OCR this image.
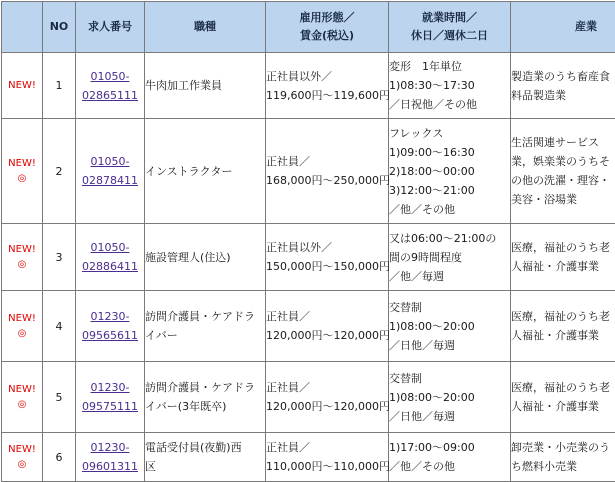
	NO	求人番号	職種	雇用形態／
賃金(税込)	就業時間／
休日／週休二日	産業

NEW!	1	01050-
02865111	牛肉加工作業員	正社員以外／
119,600円〜119,600円	変形　1年単位
1)08:30〜17:30
／日祝他／その他	製造業のうち畜産食
料品製造業

NEW!
◎	2	01050-
02878411	インストラクター	正社員／
168,000円〜250,000円	フレックス
1)09:00〜16:30
2)18:00〜00:00
3)12:00〜21:00
／他／その他	生活関連サービス
業，娯楽業のうちそ
の他の洗濯・理容・
美容・浴場業

NEW!
◎	3	01050-
02886411	施設管理人(住込)	正社員以外／
150,000円〜150,000円	又は06:00〜21:00の
間の9時間程度
／他／毎週	医療，福祉のうち老
人福祉・介護事業

NEW!
◎	4	01230-
09565611	訪問介護員・ケアドラ
イバー	正社員／
120,000円〜120,000円	交替制
1)08:00〜20:00
／日他／毎週	医療，福祉のうち老
人福祉・介護事業

NEW!
◎	5	01230-
09575111	訪問介護員・ケアドラ
イバー(3年既卒)	正社員／
120,000円〜120,000円	交替制
1)08:00〜20:00
／日他／毎週	医療，福祉のうち老
人福祉・介護事業

NEW!
◎	6	01230-
09601311	電話受付員(夜勤)西
区	正社員／
110,000円〜110,000円	1)17:00〜09:00
／他／その他	卸売業・小売業のう
ち燃料小売業
